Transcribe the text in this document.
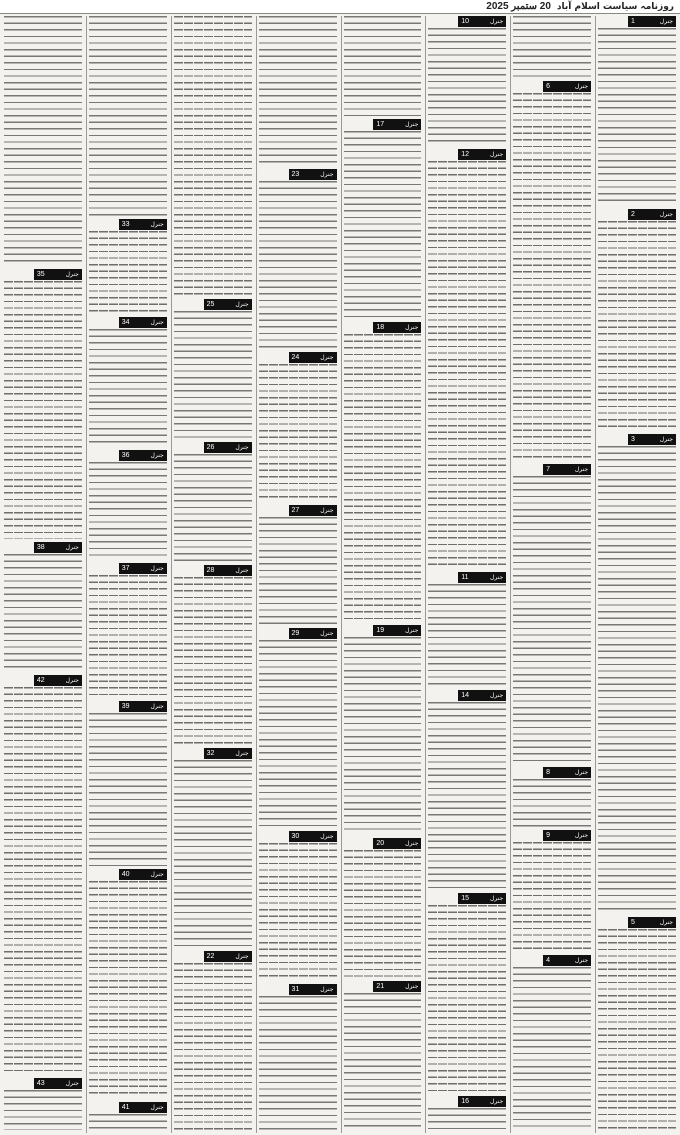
روزنامہ سیاست اسلام آباد
20 ستمبر 2025
1	جنرل
2	جنرل
3	جنرل
5	جنرل
6	جنرل
7	جنرل
8	جنرل
9	جنرل
4	جنرل
10	جنرل
12	جنرل
11	جنرل
14	جنرل
15	جنرل
16	جنرل
17	جنرل
18	جنرل
19	جنرل
20	جنرل
21	جنرل
23	جنرل
24	جنرل
27	جنرل
29	جنرل
30	جنرل
31	جنرل
25	جنرل
26	جنرل
28	جنرل
32	جنرل
22	جنرل
33	جنرل
34	جنرل
36	جنرل
37	جنرل
39	جنرل
40	جنرل
41	جنرل
35	جنرل
38	جنرل
42	جنرل
43	جنرل
